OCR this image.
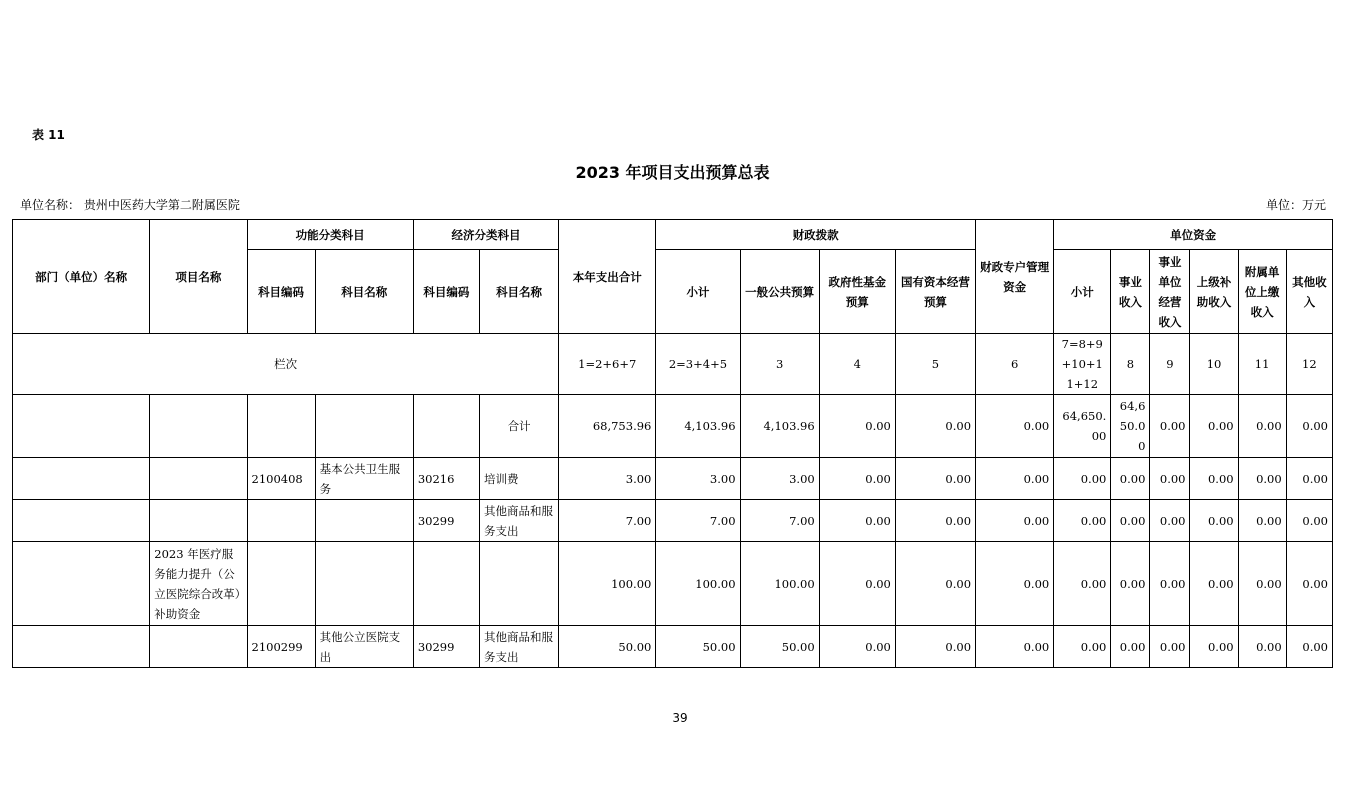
表 11
2023 年项目支出预算总表
单位名称： 贵州中医药大学第二附属医院	单位：万元
部门（单位）名称	项目名称	功能分类科目		经济分类科目		本年支出合计	财政拨款				财政专户管理资金	单位资金					
		科目编码	科目名称	科目编码	科目名称		小计	一般公共预算	政府性基金预算	国有资本经营预算		小计	事业收入	事业单位经营收入	上级补助收入	附属单位上缴收入	其他收入
栏次						1=2+6+7	2=3+4+5	3	4	5	6	7=8+9+10+11+12	8	9	10	11	12
					合计	68,753.96	4,103.96	4,103.96	0.00	0.00	0.00	64,650.00	64,650.00	0.00	0.00	0.00	0.00
		2100408	基本公共卫生服务	30216	培训费	3.00	3.00	3.00	0.00	0.00	0.00	0.00	0.00	0.00	0.00	0.00	0.00
				30299	其他商品和服务支出	7.00	7.00	7.00	0.00	0.00	0.00	0.00	0.00	0.00	0.00	0.00	0.00
	2023 年医疗服务能力提升（公立医院综合改革）补助资金					100.00	100.00	100.00	0.00	0.00	0.00	0.00	0.00	0.00	0.00	0.00	0.00
		2100299	其他公立医院支出	30299	其他商品和服务支出	50.00	50.00	50.00	0.00	0.00	0.00	0.00	0.00	0.00	0.00	0.00	0.00
39
